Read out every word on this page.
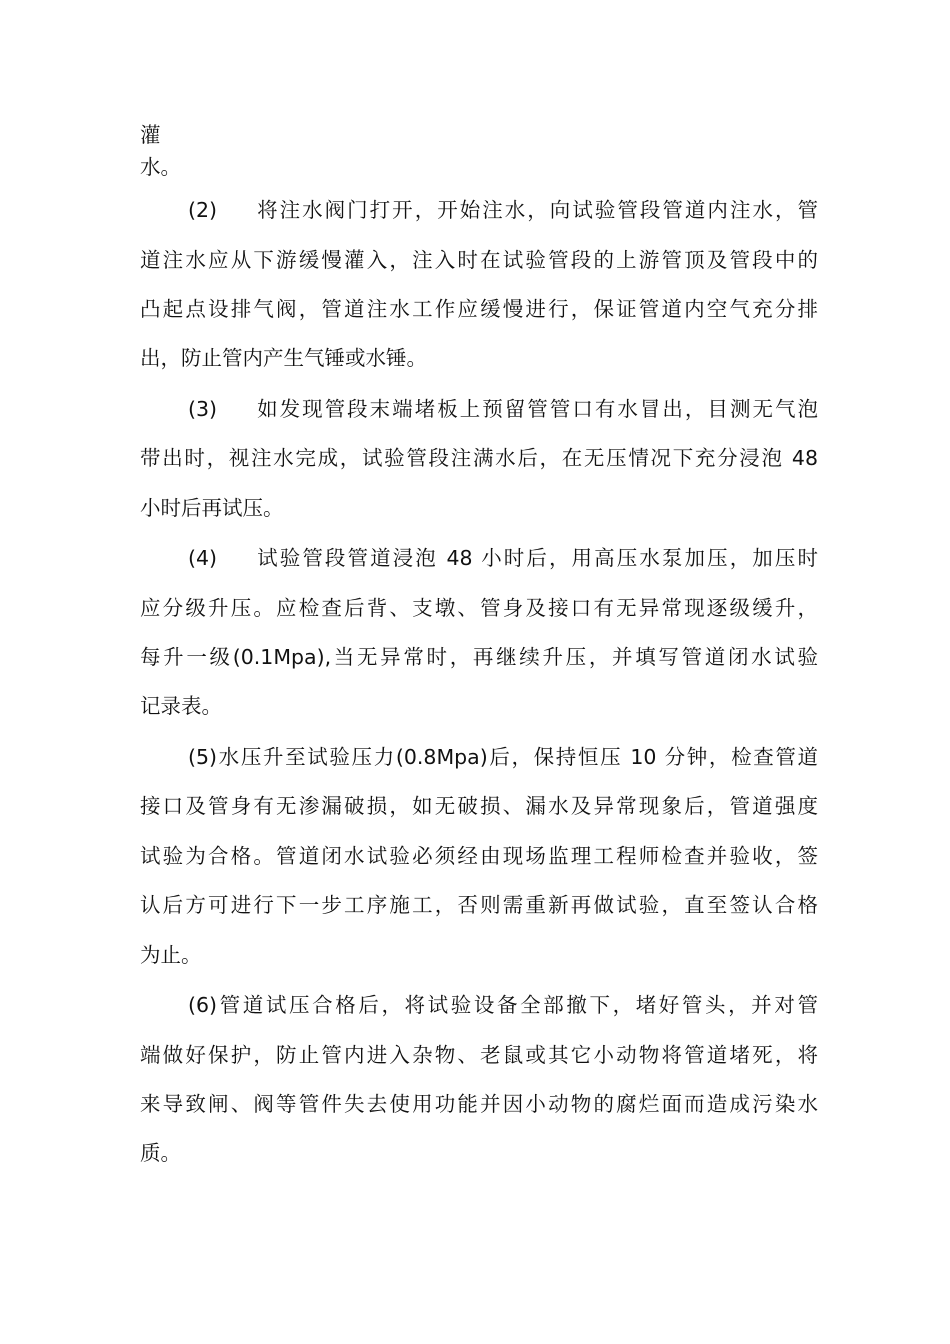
灌
水。
(2) 将注水阀门打开，开始注水，向试验管段管道内注水，管
道注水应从下游缓慢灌入，注入时在试验管段的上游管顶及管段中的
凸起点设排气阀，管道注水工作应缓慢进行，保证管道内空气充分排
出，防止管内产生气锤或水锤。
(3) 如发现管段末端堵板上预留管管口有水冒出，目测无气泡
带出时，视注水完成，试验管段注满水后，在无压情况下充分浸泡 48
小时后再试压。
(4) 试验管段管道浸泡 48 小时后，用高压水泵加压，加压时
应分级升压。应检查后背、支墩、管身及接口有无异常现逐级缓升，
每升一级(0.1Mpa),当无异常时，再继续升压，并填写管道闭水试验
记录表。
(5)水压升至试验压力(0.8Mpa)后，保持恒压 10 分钟，检查管道
接口及管身有无渗漏破损，如无破损、漏水及异常现象后，管道强度
试验为合格。管道闭水试验必须经由现场监理工程师检查并验收，签
认后方可进行下一步工序施工，否则需重新再做试验，直至签认合格
为止。
(6)管道试压合格后，将试验设备全部撤下，堵好管头，并对管
端做好保护，防止管内进入杂物、老鼠或其它小动物将管道堵死，将
来导致闸、阀等管件失去使用功能并因小动物的腐烂面而造成污染水
质。
